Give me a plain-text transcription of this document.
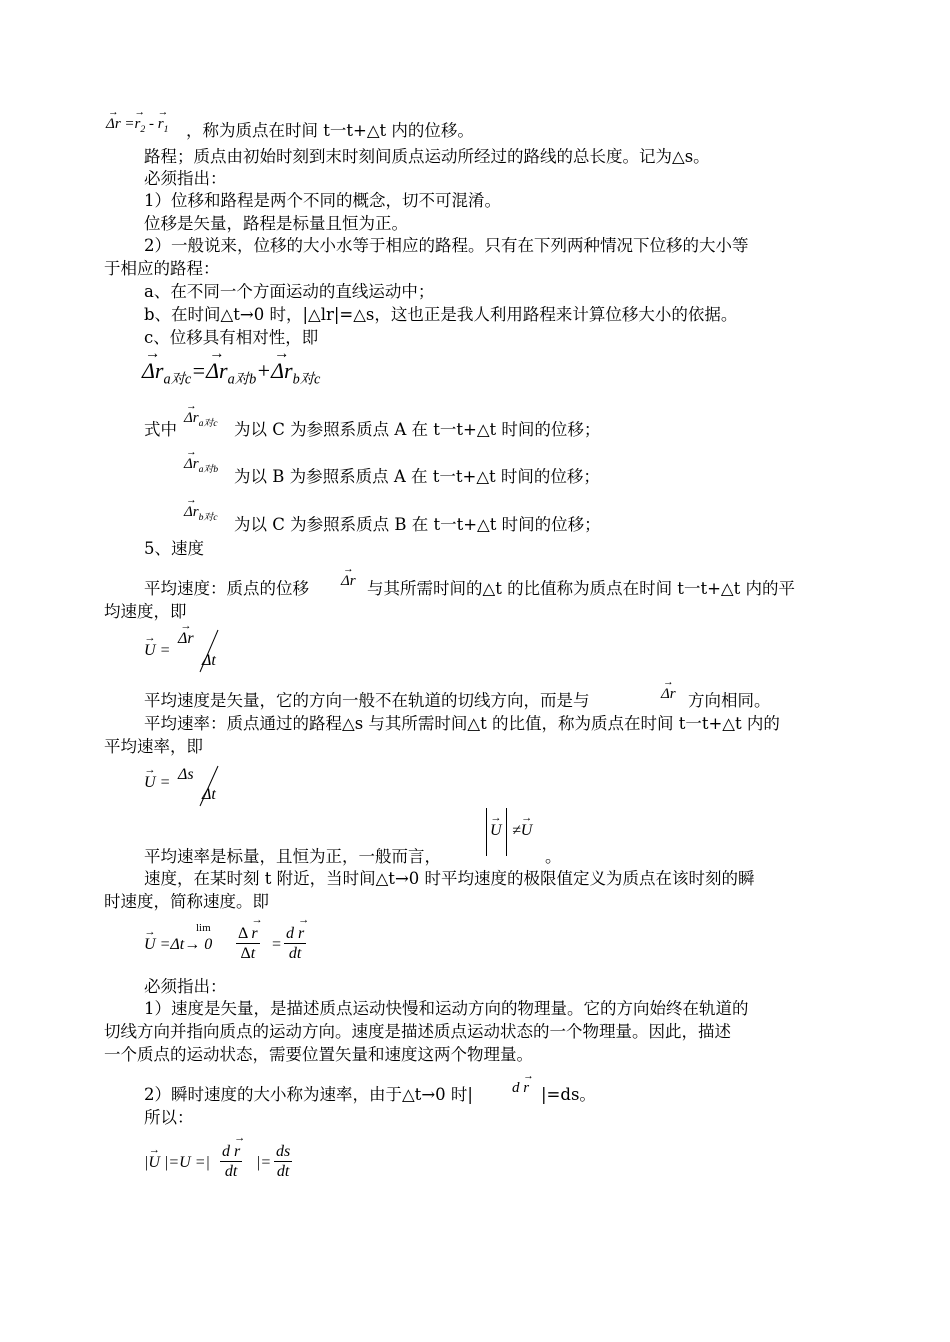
→ $\Delta r =\to r_2$ - → $r_1$ ，称为质点在时间 t一t+△t 内的位移。
路程；质点由初始时刻到末时刻间质点运动所经过的路线的总长度。记为△s。
必须指出：
1）位移和路程是两个不同的概念，切不可混淆。
位移是矢量，路程是标量且恒为正。
2）一般说来，位移的大小水等于相应的路程。只有在下列两种情况下位移的大小等
于相应的路程：
a、在不同一个方面运动的直线运动中；
b、在时间△t→0 时，|△lr|=△s，这也正是我人利用路程来计算位移大小的依据。
c、位移具有相对性，即
→ $\Delta r_{a对c}=\to \Delta r_{a对b}+\to \Delta r_{b对c}$
式中
→ $\Delta r_{a对c}$ 为以 C 为参照系质点 A 在 t一t+△t 时间的位移；
→ $\Delta r_{a对b}$ 为以 B 为参照系质点 A 在 t一t+△t 时间的位移；
→ $\Delta r_{b对c}$ 为以 C 为参照系质点 B 在 t一t+△t 时间的位移；
5、速度
平均速度：质点的位移 → Δr 与其所需时间的△t 的比值称为质点在时间 t一t+△t 内的平
均速度，即
→ U =
→ Δr
Δt
平均速度是矢量，它的方向一般不在轨道的切线方向，而是与	→ Δr 方向相同。
平均速率：质点通过的路程△s 与其所需时间△t 的比值，称为质点在时间 t一t+△t 内的
平均速率，即
→ U = Δs
Δt
→ U ≠→ U
平均速率是标量，且恒为正，一般而言，	。
速度，在某时刻 t 附近，当时间△t→0 时平均速度的极限值定义为质点在该时刻的瞬
时速度，简称速度。即
→ U =Δt→ 0
$\lim \frac{\Delta \to r}{\Delta t} = \frac{d \to r}{dt}$
必须指出：
1）速度是矢量，是描述质点运动快慢和运动方向的物理量。它的方向始终在轨道的
切线方向并指向质点的运动方向。速度是描述质点运动状态的一个物理量。因此，描述
一个质点的运动状态，需要位置矢量和速度这两个物理量。
2）瞬时速度的大小称为速率，由于△t→0 时|	d → r |=ds。
所以：
|→ U |=U =| $\frac{d \to r}{dt}$ |= $\frac{ds}{dt}$
